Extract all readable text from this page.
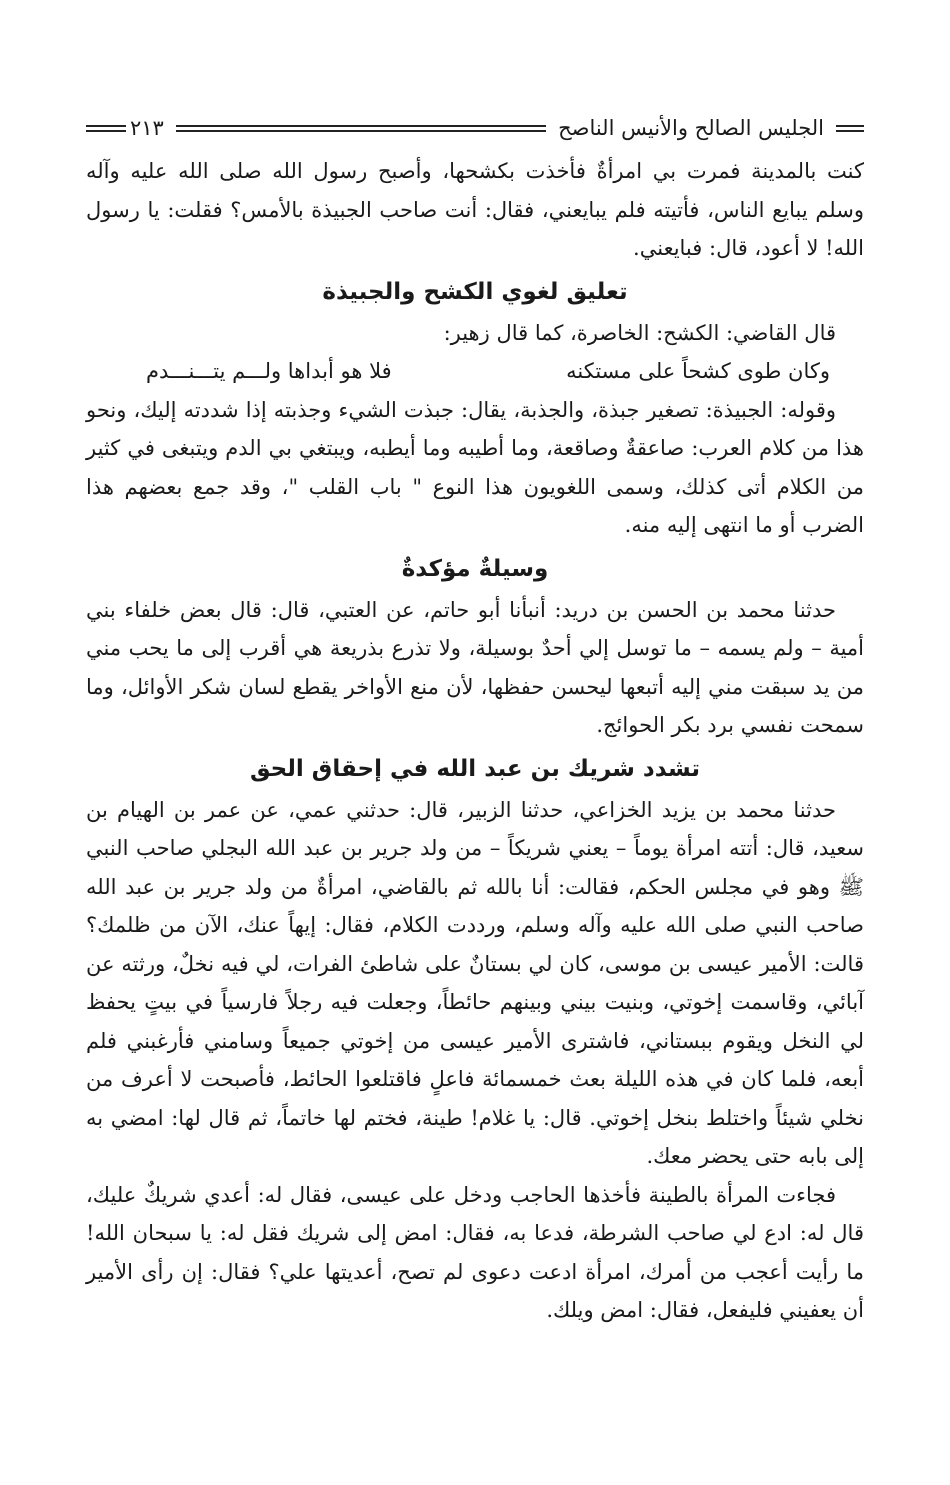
الجليس الصالح والأنيس الناصح
٢١٣

كنت بالمدينة فمرت بي امرأةٌ فأخذت بكشحها، وأصبح رسول الله صلى الله عليه وآله وسلم يبايع الناس، فأتيته فلم يبايعني، فقال: أنت صاحب الجبيذة بالأمس؟ فقلت: يا رسول الله! لا أعود، قال: فبايعني.

تعليق لغوي الكشح والجبيذة

قال القاضي: الكشح: الخاصرة، كما قال زهير:

وكان طوى كشحاً على مستكنه
فلا هو أبداها ولـــم يتـــنـــدم

وقوله: الجبيذة: تصغير جبذة، والجذبة، يقال: جبذت الشيء وجذبته إذا شددته إليك، ونحو هذا من كلام العرب: صاعقةٌ وصاقعة، وما أطيبه وما أيطبه، ويبتغي بي الدم ويتبغى في كثير من الكلام أتى كذلك، وسمى اللغويون هذا النوع " باب القلب "، وقد جمع بعضهم هذا الضرب أو ما انتهى إليه منه.

وسيلةٌ مؤكدةٌ

حدثنا محمد بن الحسن بن دريد: أنبأنا أبو حاتم، عن العتبي، قال: قال بعض خلفاء بني أمية – ولم يسمه – ما توسل إلي أحدٌ بوسيلة، ولا تذرع بذريعة هي أقرب إلى ما يحب مني من يد سبقت مني إليه أتبعها ليحسن حفظها، لأن منع الأواخر يقطع لسان شكر الأوائل، وما سمحت نفسي برد بكر الحوائج.

تشدد شريك بن عبد الله في إحقاق الحق

حدثنا محمد بن يزيد الخزاعي، حدثنا الزبير، قال: حدثني عمي، عن عمر بن الهيام بن سعيد، قال: أتته امرأة يوماً – يعني شريكاً – من ولد جرير بن عبد الله البجلي صاحب النبي ﷺ وهو في مجلس الحكم، فقالت: أنا بالله ثم بالقاضي، امرأةٌ من ولد جرير بن عبد الله صاحب النبي صلى الله عليه وآله وسلم، ورددت الكلام، فقال: إيهاً عنك، الآن من ظلمك؟ قالت: الأمير عيسى بن موسى، كان لي بستانٌ على شاطئ الفرات، لي فيه نخلٌ، ورثته عن آبائي، وقاسمت إخوتي، وبنيت بيني وبينهم حائطاً، وجعلت فيه رجلاً فارسياً في بيتٍ يحفظ لي النخل ويقوم ببستاني، فاشترى الأمير عيسى من إخوتي جميعاً وسامني فأرغبني فلم أبعه، فلما كان في هذه الليلة بعث خمسمائة فاعلٍ فاقتلعوا الحائط، فأصبحت لا أعرف من نخلي شيئاً واختلط بنخل إخوتي. قال: يا غلام! طينة، فختم لها خاتماً، ثم قال لها: امضي به إلى بابه حتى يحضر معك.

فجاءت المرأة بالطينة فأخذها الحاجب ودخل على عيسى، فقال له: أعدي شريكٌ عليك، قال له: ادع لي صاحب الشرطة، فدعا به، فقال: امض إلى شريك فقل له: يا سبحان الله! ما رأيت أعجب من أمرك، امرأة ادعت دعوى لم تصح، أعديتها علي؟ فقال: إن رأى الأمير أن يعفيني فليفعل، فقال: امض ويلك.
